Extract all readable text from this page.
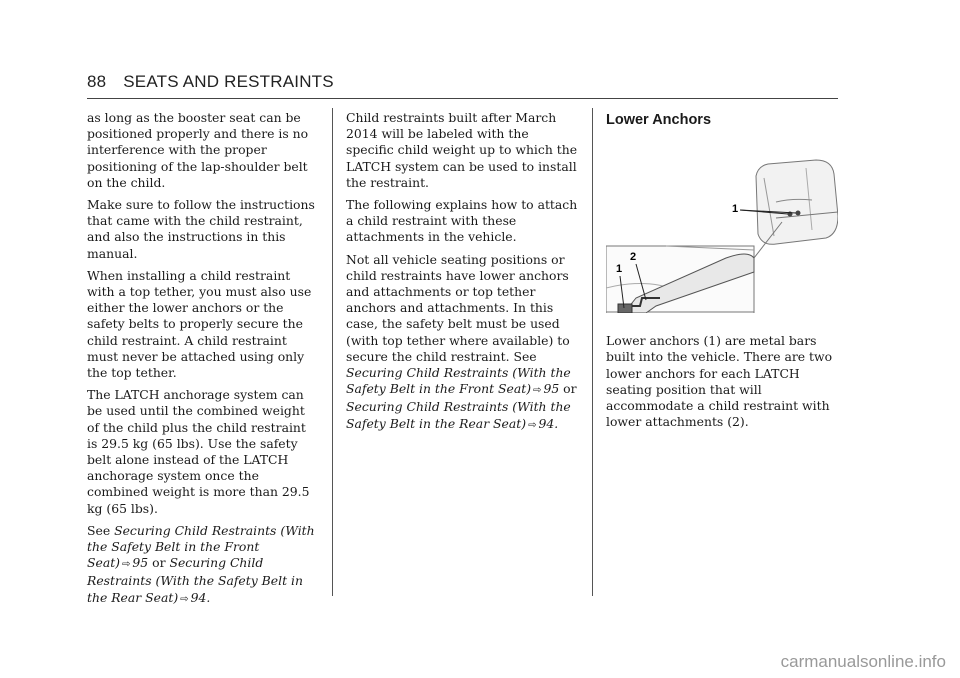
88 SEATS AND RESTRAINTS

as long as the booster seat can be positioned properly and there is no interference with the proper positioning of the lap-shoulder belt on the child.

Make sure to follow the instructions that came with the child restraint, and also the instructions in this manual.

When installing a child restraint with a top tether, you must also use either the lower anchors or the safety belts to properly secure the child restraint. A child restraint must never be attached using only the top tether.

The LATCH anchorage system can be used until the combined weight of the child plus the child restraint is 29.5 kg (65 lbs). Use the safety belt alone instead of the LATCH anchorage system once the combined weight is more than 29.5 kg (65 lbs).

See Securing Child Restraints (With the Safety Belt in the Front Seat) ⇨ 95 or Securing Child Restraints (With the Safety Belt in the Rear Seat) ⇨ 94.

Child restraints built after March 2014 will be labeled with the specific child weight up to which the LATCH system can be used to install the restraint.

The following explains how to attach a child restraint with these attachments in the vehicle.

Not all vehicle seating positions or child restraints have lower anchors and attachments or top tether anchors and attachments. In this case, the safety belt must be used (with top tether where available) to secure the child restraint. See Securing Child Restraints (With the Safety Belt in the Front Seat) ⇨ 95 or Securing Child Restraints (With the Safety Belt in the Rear Seat) ⇨ 94.

Lower Anchors
1
1
2

Lower anchors (1) are metal bars built into the vehicle. There are two lower anchors for each LATCH seating position that will accommodate a child restraint with lower attachments (2).

carmanualsonline.info
